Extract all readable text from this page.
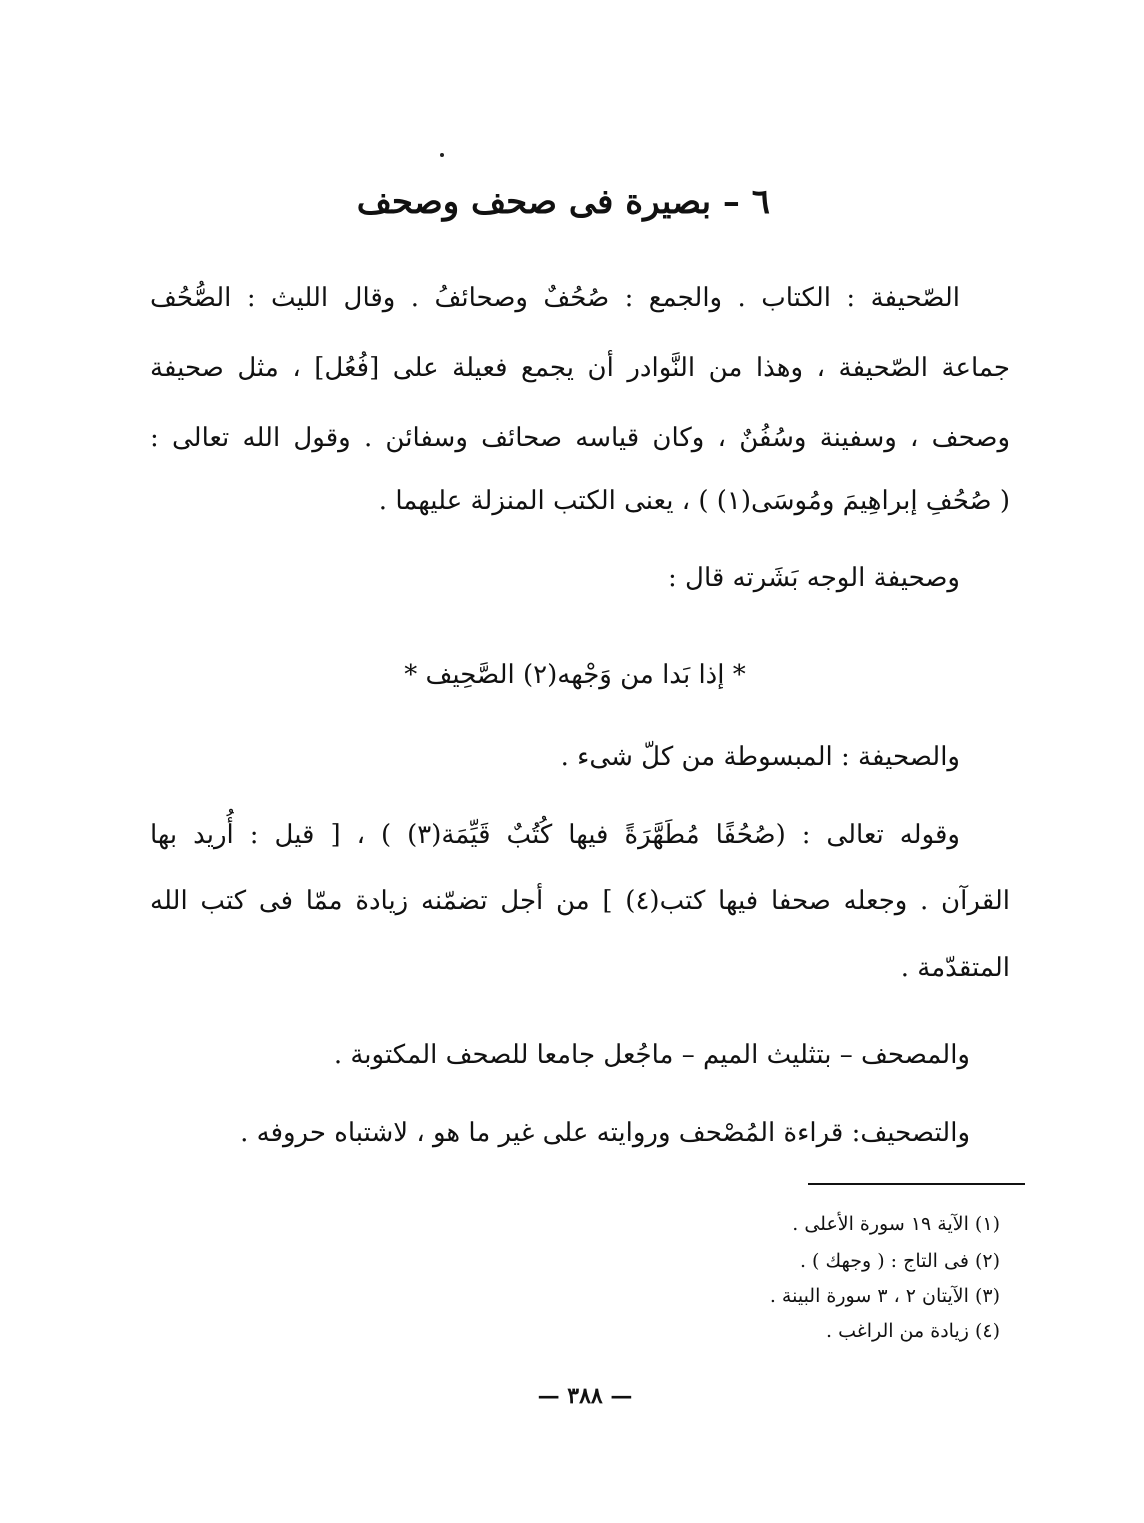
٦ – بصيرة فى صحف وصحف
الصّحيفة : الكتاب . والجمع : صُحُفٌ وصحائفُ . وقال الليث : الصُّحُف
جماعة الصّحيفة ، وهذا من النَّوادر أن يجمع فعيلة على [فُعُل] ، مثل صحيفة
وصحف ، وسفينة وسُفُنٌ ، وكان قياسه صحائف وسفائن . وقول الله تعالى :
( صُحُفِ إبراهِيمَ ومُوسَى(١) ) ، يعنى الكتب المنزلة عليهما .
وصحيفة الوجه بَشَرته قال :
* إذا بَدا من وَجْهه(٢) الصَّحِيف *
والصحيفة : المبسوطة من كلّ شىء .
وقوله تعالى : (صُحُفًا مُطَهَّرَةً فيها كُتُبٌ قَيِّمَة(٣) ) ، [ قيل : أُريد بها
القرآن . وجعله صحفا فيها كتب(٤) ] من أجل تضمّنه زيادة ممّا فى كتب الله
المتقدّمة .
والمصحف – بتثليث الميم – ماجُعل جامعا للصحف المكتوبة .
والتصحيف: قراءة المُصْحف وروايته على غير ما هو ، لاشتباه حروفه .
(١) الآية ١٩ سورة الأعلى .
(٢) فى التاج : ( وجهك ) .
(٣) الآيتان ٢ ، ٣ سورة البينة .
(٤) زيادة من الراغب .
— ٣٨٨ —
